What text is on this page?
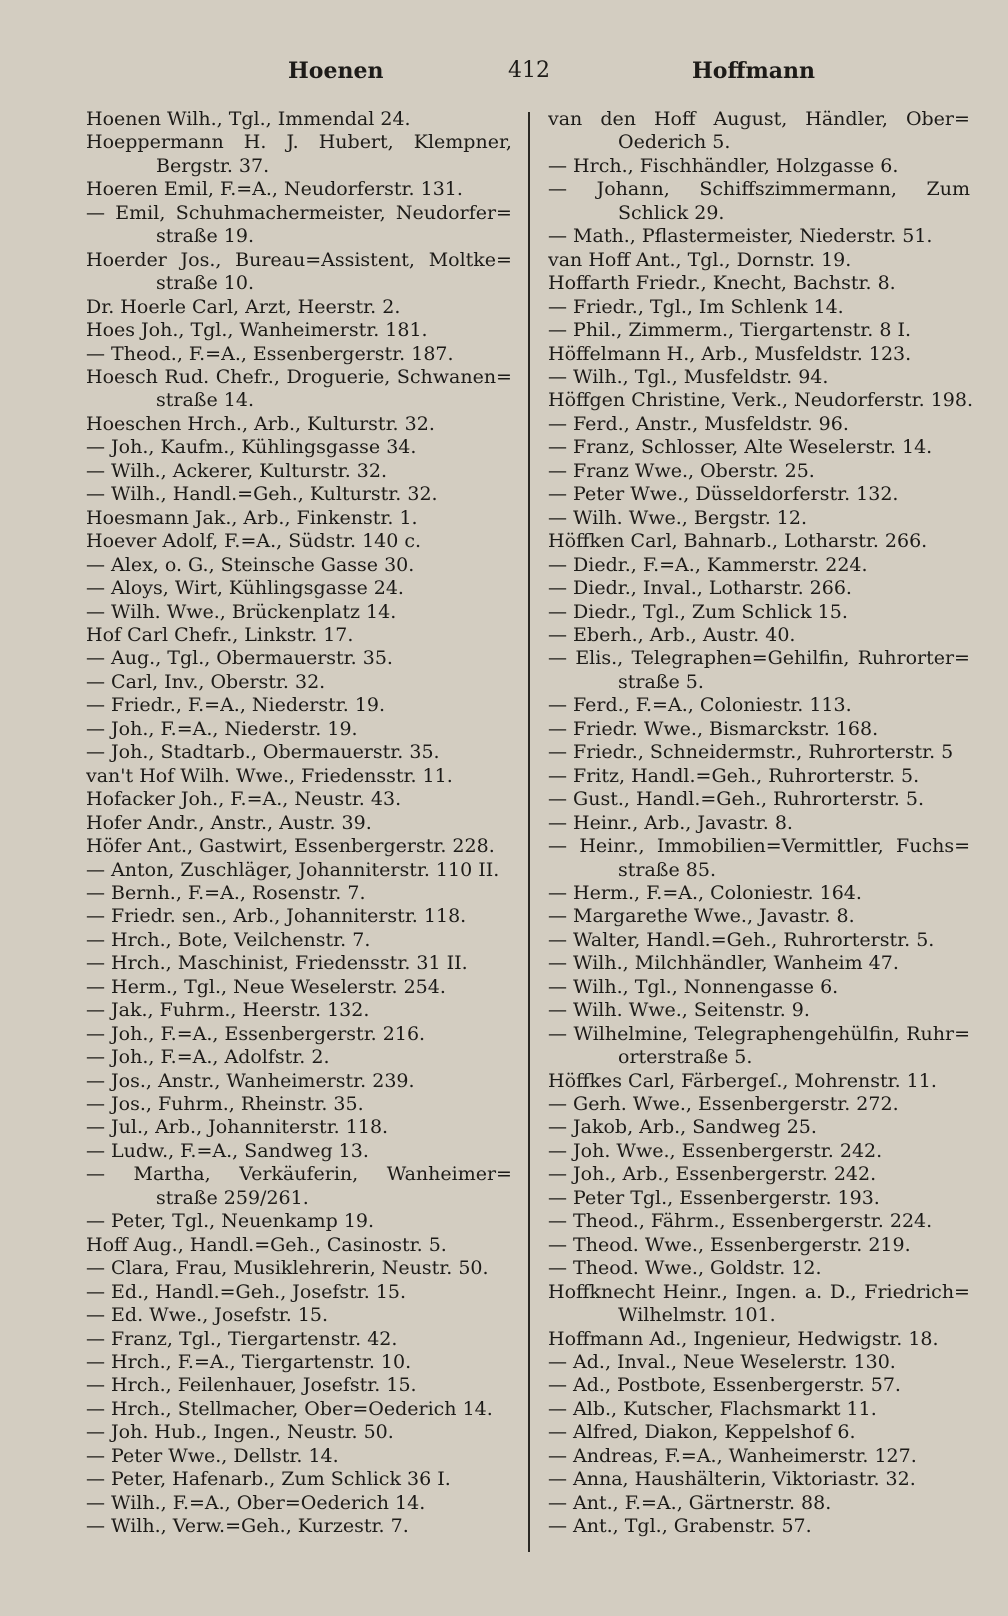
Hoenen	412	Hoffmann
Hoenen Wilh., Tgl., Immendal 24.
Hoeppermann H. J. Hubert, Klempner,
Bergstr. 37.
Hoeren Emil, F.=A., Neudorferstr. 131.
— Emil, Schuhmachermeister, Neudorfer=
straße 19.
Hoerder Jos., Bureau=Assistent, Moltke=
straße 10.
Dr. Hoerle Carl, Arzt, Heerstr. 2.
Hoes Joh., Tgl., Wanheimerstr. 181.
— Theod., F.=A., Essenbergerstr. 187.
Hoesch Rud. Chefr., Droguerie, Schwanen=
straße 14.
Hoeschen Hrch., Arb., Kulturstr. 32.
— Joh., Kaufm., Kühlingsgasse 34.
— Wilh., Ackerer, Kulturstr. 32.
— Wilh., Handl.=Geh., Kulturstr. 32.
Hoesmann Jak., Arb., Finkenstr. 1.
Hoever Adolf, F.=A., Südstr. 140 c.
— Alex, o. G., Steinsche Gasse 30.
— Aloys, Wirt, Kühlingsgasse 24.
— Wilh. Wwe., Brückenplatz 14.
Hof Carl Chefr., Linkstr. 17.
— Aug., Tgl., Obermauerstr. 35.
— Carl, Inv., Oberstr. 32.
— Friedr., F.=A., Niederstr. 19.
— Joh., F.=A., Niederstr. 19.
— Joh., Stadtarb., Obermauerstr. 35.
van't Hof Wilh. Wwe., Friedensstr. 11.
Hofacker Joh., F.=A., Neustr. 43.
Hofer Andr., Anstr., Austr. 39.
Höfer Ant., Gastwirt, Essenbergerstr. 228.
— Anton, Zuschläger, Johanniterstr. 110 II.
— Bernh., F.=A., Rosenstr. 7.
— Friedr. sen., Arb., Johanniterstr. 118.
— Hrch., Bote, Veilchenstr. 7.
— Hrch., Maschinist, Friedensstr. 31 II.
— Herm., Tgl., Neue Weselerstr. 254.
— Jak., Fuhrm., Heerstr. 132.
— Joh., F.=A., Essenbergerstr. 216.
— Joh., F.=A., Adolfstr. 2.
— Jos., Anstr., Wanheimerstr. 239.
— Jos., Fuhrm., Rheinstr. 35.
— Jul., Arb., Johanniterstr. 118.
— Ludw., F.=A., Sandweg 13.
— Martha, Verkäuferin, Wanheimer=
straße 259/261.
— Peter, Tgl., Neuenkamp 19.
Hoff Aug., Handl.=Geh., Casinostr. 5.
— Clara, Frau, Musiklehrerin, Neustr. 50.
— Ed., Handl.=Geh., Josefstr. 15.
— Ed. Wwe., Josefstr. 15.
— Franz, Tgl., Tiergartenstr. 42.
— Hrch., F.=A., Tiergartenstr. 10.
— Hrch., Feilenhauer, Josefstr. 15.
— Hrch., Stellmacher, Ober=Oederich 14.
— Joh. Hub., Ingen., Neustr. 50.
— Peter Wwe., Dellstr. 14.
— Peter, Hafenarb., Zum Schlick 36 I.
— Wilh., F.=A., Ober=Oederich 14.
— Wilh., Verw.=Geh., Kurzestr. 7.
van den Hoff August, Händler, Ober=
Oederich 5.
— Hrch., Fischhändler, Holzgasse 6.
— Johann, Schiffszimmermann, Zum
Schlick 29.
— Math., Pflastermeister, Niederstr. 51.
van Hoff Ant., Tgl., Dornstr. 19.
Hoffarth Friedr., Knecht, Bachstr. 8.
— Friedr., Tgl., Im Schlenk 14.
— Phil., Zimmerm., Tiergartenstr. 8 I.
Höffelmann H., Arb., Musfeldstr. 123.
— Wilh., Tgl., Musfeldstr. 94.
Höffgen Christine, Verk., Neudorferstr. 198.
— Ferd., Anstr., Musfeldstr. 96.
— Franz, Schlosser, Alte Weselerstr. 14.
— Franz Wwe., Oberstr. 25.
— Peter Wwe., Düsseldorferstr. 132.
— Wilh. Wwe., Bergstr. 12.
Höffken Carl, Bahnarb., Lotharstr. 266.
— Diedr., F.=A., Kammerstr. 224.
— Diedr., Inval., Lotharstr. 266.
— Diedr., Tgl., Zum Schlick 15.
— Eberh., Arb., Austr. 40.
— Elis., Telegraphen=Gehilfin, Ruhrorter=
straße 5.
— Ferd., F.=A., Coloniestr. 113.
— Friedr. Wwe., Bismarckstr. 168.
— Friedr., Schneidermstr., Ruhrorterstr. 5
— Fritz, Handl.=Geh., Ruhrorterstr. 5.
— Gust., Handl.=Geh., Ruhrorterstr. 5.
— Heinr., Arb., Javastr. 8.
— Heinr., Immobilien=Vermittler, Fuchs=
straße 85.
— Herm., F.=A., Coloniestr. 164.
— Margarethe Wwe., Javastr. 8.
— Walter, Handl.=Geh., Ruhrorterstr. 5.
— Wilh., Milchhändler, Wanheim 47.
— Wilh., Tgl., Nonnengasse 6.
— Wilh. Wwe., Seitenstr. 9.
— Wilhelmine, Telegraphengehülfin, Ruhr=
orterstraße 5.
Höffkes Carl, Färbergeſ., Mohrenstr. 11.
— Gerh. Wwe., Essenbergerstr. 272.
— Jakob, Arb., Sandweg 25.
— Joh. Wwe., Essenbergerstr. 242.
— Joh., Arb., Essenbergerstr. 242.
— Peter Tgl., Essenbergerstr. 193.
— Theod., Fährm., Essenbergerstr. 224.
— Theod. Wwe., Essenbergerstr. 219.
— Theod. Wwe., Goldstr. 12.
Hoffknecht Heinr., Ingen. a. D., Friedrich=
Wilhelmstr. 101.
Hoffmann Ad., Ingenieur, Hedwigstr. 18.
— Ad., Inval., Neue Weselerstr. 130.
— Ad., Postbote, Essenbergerstr. 57.
— Alb., Kutscher, Flachsmarkt 11.
— Alfred, Diakon, Keppelshof 6.
— Andreas, F.=A., Wanheimerstr. 127.
— Anna, Haushälterin, Viktoriastr. 32.
— Ant., F.=A., Gärtnerstr. 88.
— Ant., Tgl., Grabenstr. 57.
